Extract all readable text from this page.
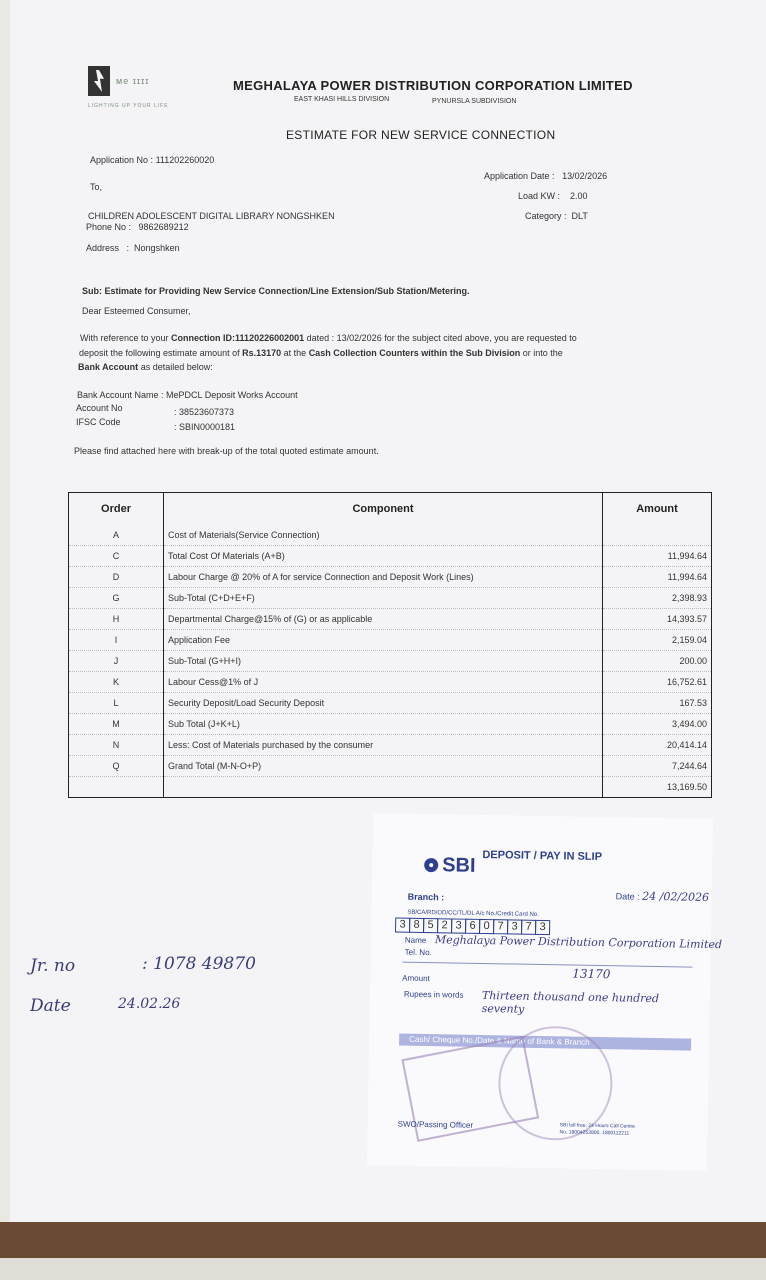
ме ɪɪɪɪ
LIGHTING UP YOUR LIFE
MEGHALAYA POWER DISTRIBUTION CORPORATION LIMITED
EAST KHASI HILLS DIVISION	PYNURSLA SUBDIVISION
ESTIMATE FOR NEW SERVICE CONNECTION
Application No : 111202260020
Application Date :   13/02/2026
Load KW :    2.00
Category :  DLT
To,
CHILDREN ADOLESCENT DIGITAL LIBRARY NONGSHKEN
Phone No :   9862689212
Address   :  Nongshken
Sub: Estimate for Providing New Service Connection/Line Extension/Sub Station/Metering.
Dear Esteemed Consumer,
With reference to your Connection ID:11120226002001 dated : 13/02/2026 for the subject cited above, you are requested to
deposit the following estimate amount of Rs.13170 at the Cash Collection Counters within the Sub Division or into the
Bank Account as detailed below:
Bank Account Name : MePDCL Deposit Works Account
Account No	: 38523607373
IFSC Code	: SBIN0000181
Please find attached here with break-up of the total quoted estimate amount.
Order	Component	Amount
A	Cost of Materials(Service Connection)	
C	Total Cost Of Materials (A+B)	11,994.64
D	Labour Charge @ 20% of A for service Connection and Deposit Work (Lines)	11,994.64
G	Sub-Total (C+D+E+F)	2,398.93
H	Departmental Charge@15% of (G) or as applicable	14,393.57
I	Application Fee	2,159.04
J	Sub-Total (G+H+I)	200.00
K	Labour Cess@1% of J	16,752.61
L	Security Deposit/Load Security Deposit	167.53
M	Sub Total (J+K+L)	3,494.00
N	Less: Cost of Materials purchased by the consumer	20,414.14
Q	Grand Total (M-N-O+P)	7,244.64
		13,169.50
Jr. no	: 1078 49870
Date	24.02.26
SBI DEPOSIT / PAY IN SLIP
Branch :	Date : 24 /02/2026
SB/CA/RD/OD/CC/TL/DL A/c No./Credit Card No.
3 8 5 2 3 6 0 7 3 7 3
Name Meghalaya Power Distribution Corporation Limited
Tel. No.
Amount	13170
Rupees in words Thirteen thousand one hundred seventy
Cash/ Cheque No./Date & Name of Bank & Branch
SWO/Passing Officer	SBI toll free, 24 Hours Call Centre
No. 18004253800, 1800112211
